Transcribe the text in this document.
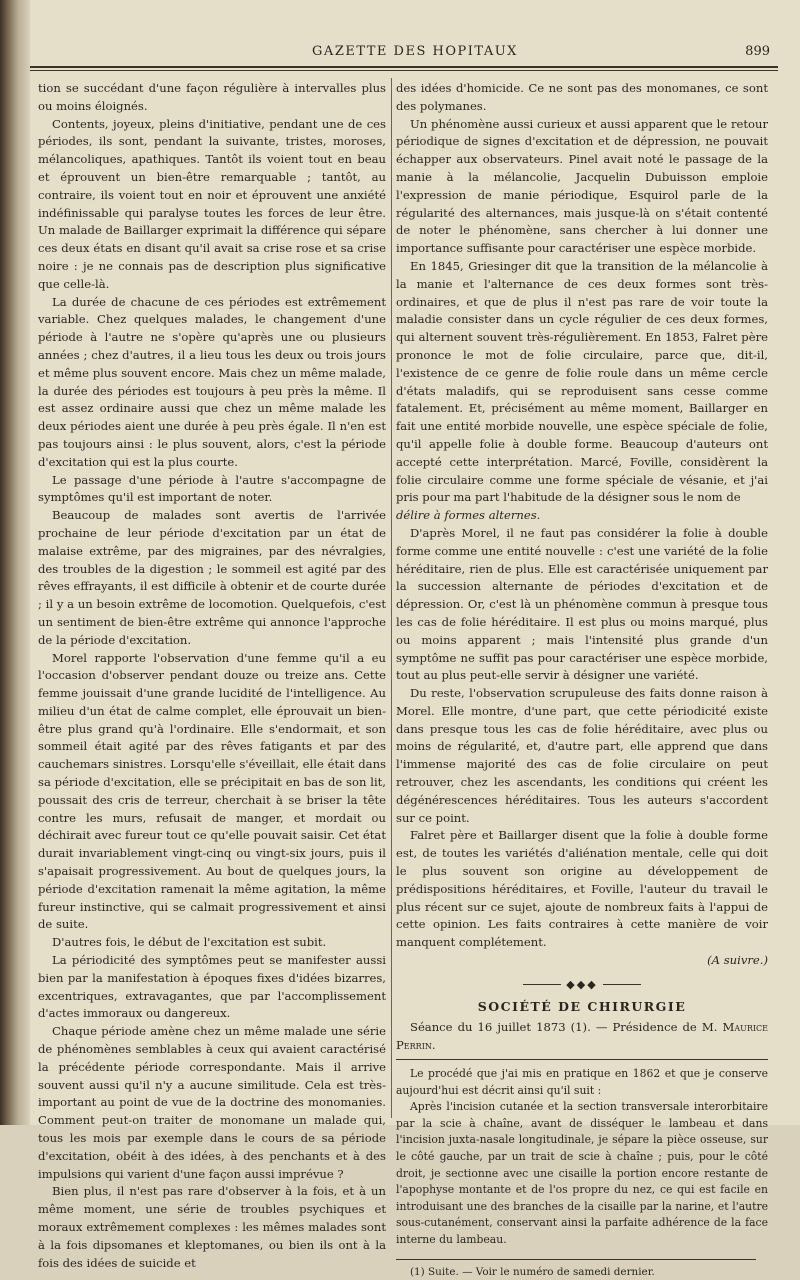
GAZETTE DES HOPITAUX	899

tion se succédant d'une façon régulière à intervalles plus ou moins éloignés.

Contents, joyeux, pleins d'initiative, pendant une de ces périodes, ils sont, pendant la suivante, tristes, moroses, mélancoliques, apathiques. Tantôt ils voient tout en beau et éprouvent un bien-être remarquable ; tantôt, au contraire, ils voient tout en noir et éprouvent une anxiété indéfinissable qui paralyse toutes les forces de leur être. Un malade de Baillarger exprimait la différence qui sépare ces deux états en disant qu'il avait sa crise rose et sa crise noire : je ne connais pas de description plus significative que celle-là.

La durée de chacune de ces périodes est extrêmement variable. Chez quelques malades, le changement d'une période à l'autre ne s'opère qu'après une ou plusieurs années ; chez d'autres, il a lieu tous les deux ou trois jours et même plus souvent encore. Mais chez un même malade, la durée des périodes est toujours à peu près la même. Il est assez ordinaire aussi que chez un même malade les deux périodes aient une durée à peu près égale. Il n'en est pas toujours ainsi : le plus souvent, alors, c'est la période d'excitation qui est la plus courte.

Le passage d'une période à l'autre s'accompagne de symptômes qu'il est important de noter.

Beaucoup de malades sont avertis de l'arrivée prochaine de leur période d'excitation par un état de malaise extrême, par des migraines, par des névralgies, des troubles de la digestion ; le sommeil est agité par des rêves effrayants, il est difficile à obtenir et de courte durée ; il y a un besoin extrême de locomotion. Quelquefois, c'est un sentiment de bien-être extrême qui annonce l'approche de la période d'excitation.

Morel rapporte l'observation d'une femme qu'il a eu l'occasion d'observer pendant douze ou treize ans. Cette femme jouissait d'une grande lucidité de l'intelligence. Au milieu d'un état de calme complet, elle éprouvait un bien-être plus grand qu'à l'ordinaire. Elle s'endormait, et son sommeil était agité par des rêves fatigants et par des cauchemars sinistres. Lorsqu'elle s'éveillait, elle était dans sa période d'excitation, elle se précipitait en bas de son lit, poussait des cris de terreur, cherchait à se briser la tête contre les murs, refusait de manger, et mordait ou déchirait avec fureur tout ce qu'elle pouvait saisir. Cet état durait invariablement vingt-cinq ou vingt-six jours, puis il s'apaisait progressivement. Au bout de quelques jours, la période d'excitation ramenait la même agitation, la même fureur instinctive, qui se calmait progressivement et ainsi de suite.

D'autres fois, le début de l'excitation est subit.

La périodicité des symptômes peut se manifester aussi bien par la manifestation à époques fixes d'idées bizarres, excentriques, extravagantes, que par l'accomplissement d'actes immoraux ou dangereux.

Chaque période amène chez un même malade une série de phénomènes semblables à ceux qui avaient caractérisé la précédente période correspondante. Mais il arrive souvent aussi qu'il n'y a aucune similitude. Cela est très-important au point de vue de la doctrine des monomanies. Comment peut-on traiter de monomane un malade qui, tous les mois par exemple dans le cours de sa période d'excitation, obéit à des idées, à des penchants et à des impulsions qui varient d'une façon aussi imprévue ?

Bien plus, il n'est pas rare d'observer à la fois, et à un même moment, une série de troubles psychiques et moraux extrêmement complexes : les mêmes malades sont à la fois dipsomanes et kleptomanes, ou bien ils ont à la fois des idées de suicide et

des idées d'homicide. Ce ne sont pas des monomanes, ce sont des polymanes.

Un phénomène aussi curieux et aussi apparent que le retour périodique de signes d'excitation et de dépression, ne pouvait échapper aux observateurs. Pinel avait noté le passage de la manie à la mélancolie, Jacquelin Dubuisson emploie l'expression de manie périodique, Esquirol parle de la régularité des alternances, mais jusque-là on s'était contenté de noter le phénomène, sans chercher à lui donner une importance suffisante pour caractériser une espèce morbide.

En 1845, Griesinger dit que la transition de la mélancolie à la manie et l'alternance de ces deux formes sont très-ordinaires, et que de plus il n'est pas rare de voir toute la maladie consister dans un cycle régulier de ces deux formes, qui alternent souvent très-régulièrement. En 1853, Falret père prononce le mot de folie circulaire, parce que, dit-il, l'existence de ce genre de folie roule dans un même cercle d'états maladifs, qui se reproduisent sans cesse comme fatalement. Et, précisément au même moment, Baillarger en fait une entité morbide nouvelle, une espèce spéciale de folie, qu'il appelle folie à double forme. Beaucoup d'auteurs ont accepté cette interprétation. Marcé, Foville, considèrent la folie circulaire comme une forme spéciale de vésanie, et j'ai pris pour ma part l'habitude de la désigner sous le nom de

délire à formes alternes.

D'après Morel, il ne faut pas considérer la folie à double forme comme une entité nouvelle : c'est une variété de la folie héréditaire, rien de plus. Elle est caractérisée uniquement par la succession alternante de périodes d'excitation et de dépression. Or, c'est là un phénomène commun à presque tous les cas de folie héréditaire. Il est plus ou moins marqué, plus ou moins apparent ; mais l'intensité plus grande d'un symptôme ne suffit pas pour caractériser une espèce morbide, tout au plus peut-elle servir à désigner une variété.

Du reste, l'observation scrupuleuse des faits donne raison à Morel. Elle montre, d'une part, que cette périodicité existe dans presque tous les cas de folie héréditaire, avec plus ou moins de régularité, et, d'autre part, elle apprend que dans l'immense majorité des cas de folie circulaire on peut retrouver, chez les ascendants, les conditions qui créent les dégénérescences héréditaires. Tous les auteurs s'accordent sur ce point.

Falret père et Baillarger disent que la folie à double forme est, de toutes les variétés d'aliénation mentale, celle qui doit le plus souvent son origine au développement de prédispositions héréditaires, et Foville, l'auteur du travail le plus récent sur ce sujet, ajoute de nombreux faits à l'appui de cette opinion. Les faits contraires à cette manière de voir manquent complétement.

(A suivre.)

◆◆◆
SOCIÉTÉ DE CHIRURGIE

Séance du 16 juillet 1873 (1). — Présidence de M. Maurice Perrin.

Le procédé que j'ai mis en pratique en 1862 et que je conserve aujourd'hui est décrit ainsi qu'il suit :

Après l'incision cutanée et la section transversale interorbitaire par la scie à chaîne, avant de disséquer le lambeau et dans l'incision juxta-nasale longitudinale, je sépare la pièce osseuse, sur le côté gauche, par un trait de scie à chaîne ; puis, pour le côté droit, je sectionne avec une cisaille la portion encore restante de l'apophyse montante et de l'os propre du nez, ce qui est facile en introduisant une des branches de la cisaille par la narine, et l'autre sous-cutanément, conservant ainsi la parfaite adhérence de la face interne du lambeau.

(1) Suite. — Voir le numéro de samedi dernier.
